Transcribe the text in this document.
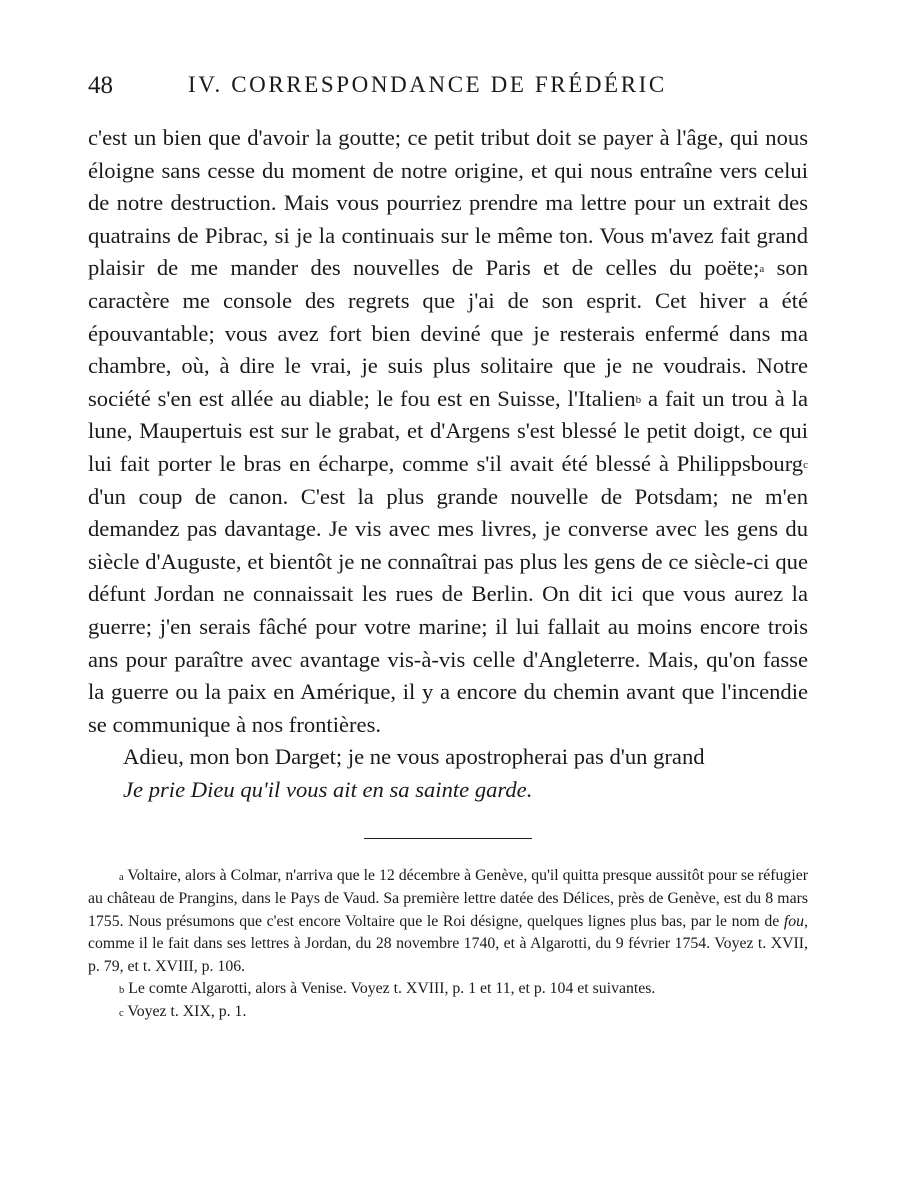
48	IV. CORRESPONDANCE DE FRÉDÉRIC

c'est un bien que d'avoir la goutte; ce petit tribut doit se payer à l'âge, qui nous éloigne sans cesse du moment de notre origine, et qui nous entraîne vers celui de notre destruction. Mais vous pourriez prendre ma lettre pour un extrait des quatrains de Pibrac, si je la continuais sur le même ton. Vous m'avez fait grand plaisir de me mander des nouvelles de Paris et de celles du poëte;$^a$ son caractère me console des regrets que j'ai de son esprit. Cet hiver a été épouvantable; vous avez fort bien deviné que je resterais enfermé dans ma chambre, où, à dire le vrai, je suis plus solitaire que je ne voudrais. Notre société s'en est allée au diable; le fou est en Suisse, l'Italien$^b$ a fait un trou à la lune, Maupertuis est sur le grabat, et d'Argens s'est blessé le petit doigt, ce qui lui fait porter le bras en écharpe, comme s'il avait été blessé à Philippsbourg$^c$ d'un coup de canon. C'est la plus grande nouvelle de Potsdam; ne m'en demandez pas davantage. Je vis avec mes livres, je converse avec les gens du siècle d'Auguste, et bientôt je ne connaîtrai pas plus les gens de ce siècle-ci que défunt Jordan ne connaissait les rues de Berlin. On dit ici que vous aurez la guerre; j'en serais fâché pour votre marine; il lui fallait au moins encore trois ans pour paraître avec avantage vis-à-vis celle d'Angleterre. Mais, qu'on fasse la guerre ou la paix en Amérique, il y a encore du chemin avant que l'incendie se communique à nos frontières.

Adieu, mon bon Darget; je ne vous apostropherai pas d'un grand
Je prie Dieu qu'il vous ait en sa sainte garde.

$^a$ Voltaire, alors à Colmar, n'arriva que le 12 décembre à Genève, qu'il quitta presque aussitôt pour se réfugier au château de Prangins, dans le Pays de Vaud. Sa première lettre datée des Délices, près de Genève, est du 8 mars 1755. Nous présumons que c'est encore Voltaire que le Roi désigne, quelques lignes plus bas, par le nom de fou, comme il le fait dans ses lettres à Jordan, du 28 novembre 1740, et à Algarotti, du 9 février 1754. Voyez t. XVII, p. 79, et t. XVIII, p. 106.

$^b$ Le comte Algarotti, alors à Venise. Voyez t. XVIII, p. 1 et 11, et p. 104 et suivantes.

$^c$ Voyez t. XIX, p. 1.
